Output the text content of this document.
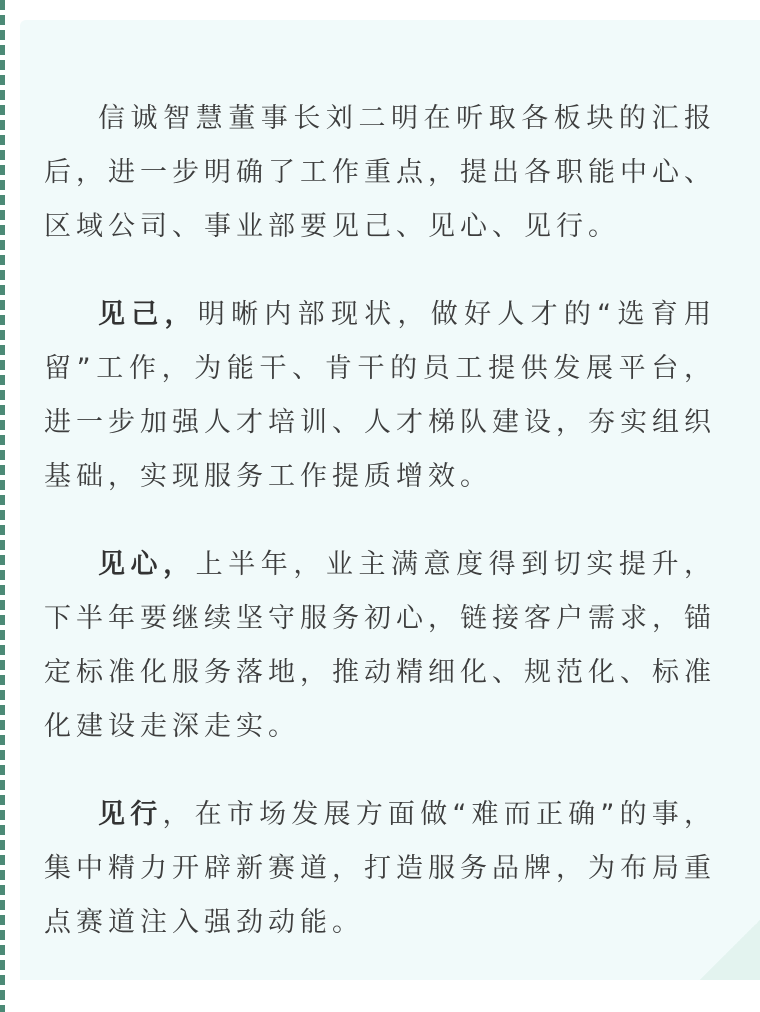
信诚智慧董事长刘二明在听取各板块的汇报后，进一步明确了工作重点，提出各职能中心、区域公司、事业部要见己、见心、见行。

见己，明晰内部现状，做好人才的“选育用留”工作，为能干、肯干的员工提供发展平台，进一步加强人才培训、人才梯队建设，夯实组织基础，实现服务工作提质增效。

见心，上半年，业主满意度得到切实提升，下半年要继续坚守服务初心，链接客户需求，锚定标准化服务落地，推动精细化、规范化、标准化建设走深走实。

见行，在市场发展方面做“难而正确”的事，集中精力开辟新赛道，打造服务品牌，为布局重点赛道注入强劲动能。
